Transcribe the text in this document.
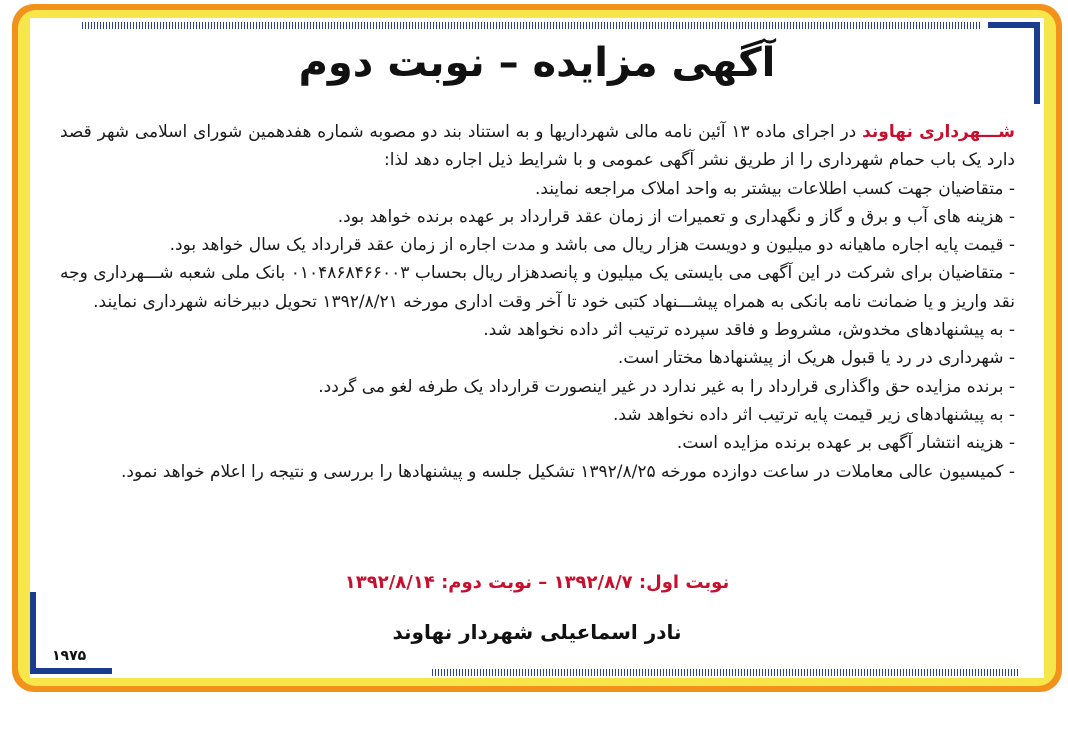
آگهی مزایده – نوبت دوم

شـــهرداری نهاوند در اجرای ماده ۱۳ آئین نامه مالی شهرداریها و به استناد بند دو مصوبه شماره هفدهمین شورای اسلامی شهر قصد دارد یک باب حمام شهرداری را از طریق نشر آگهی عمومی و با شرایط ذیل اجاره دهد لذا:

- متقاضیان جهت کسب اطلاعات بیشتر به واحد املاک مراجعه نمایند.

- هزینه های آب و برق و گاز و نگهداری و تعمیرات از زمان عقد قرارداد بر عهده برنده خواهد بود.

- قیمت پایه اجاره ماهیانه دو میلیون و دویست هزار ریال می باشد و مدت اجاره از زمان عقد قرارداد یک سال خواهد بود.

- متقاضیان برای شرکت در این آگهی می بایستی یک میلیون و پانصدهزار ریال بحساب ۰۱۰۴۸۶۸۴۶۶۰۰۳ بانک ملی شعبه شـــهرداری وجه نقد واریز و یا ضمانت نامه بانکی به همراه پیشـــنهاد کتبی خود تا آخر وقت اداری مورخه ۱۳۹۲/۸/۲۱ تحویل دبیرخانه شهرداری نمایند.

- به پیشنهادهای مخدوش، مشروط و فاقد سپرده ترتیب اثر داده نخواهد شد.

- شهرداری در رد یا قبول هریک از پیشنهادها مختار است.

- برنده مزایده حق واگذاری قرارداد را به غیر ندارد در غیر اینصورت قرارداد یک طرفه لغو می گردد.

- به پیشنهادهای زیر قیمت پایه ترتیب اثر داده نخواهد شد.

- هزینه انتشار آگهی بر عهده برنده مزایده است.

- کمیسیون عالی معاملات در ساعت دوازده مورخه ۱۳۹۲/۸/۲۵ تشکیل جلسه و پیشنهادها را بررسی و نتیجه را اعلام خواهد نمود.

نوبت اول: ۱۳۹۲/۸/۷ – نوبت دوم: ۱۳۹۲/۸/۱۴
نادر اسماعیلی شهردار نهاوند
۱۹۷۵
